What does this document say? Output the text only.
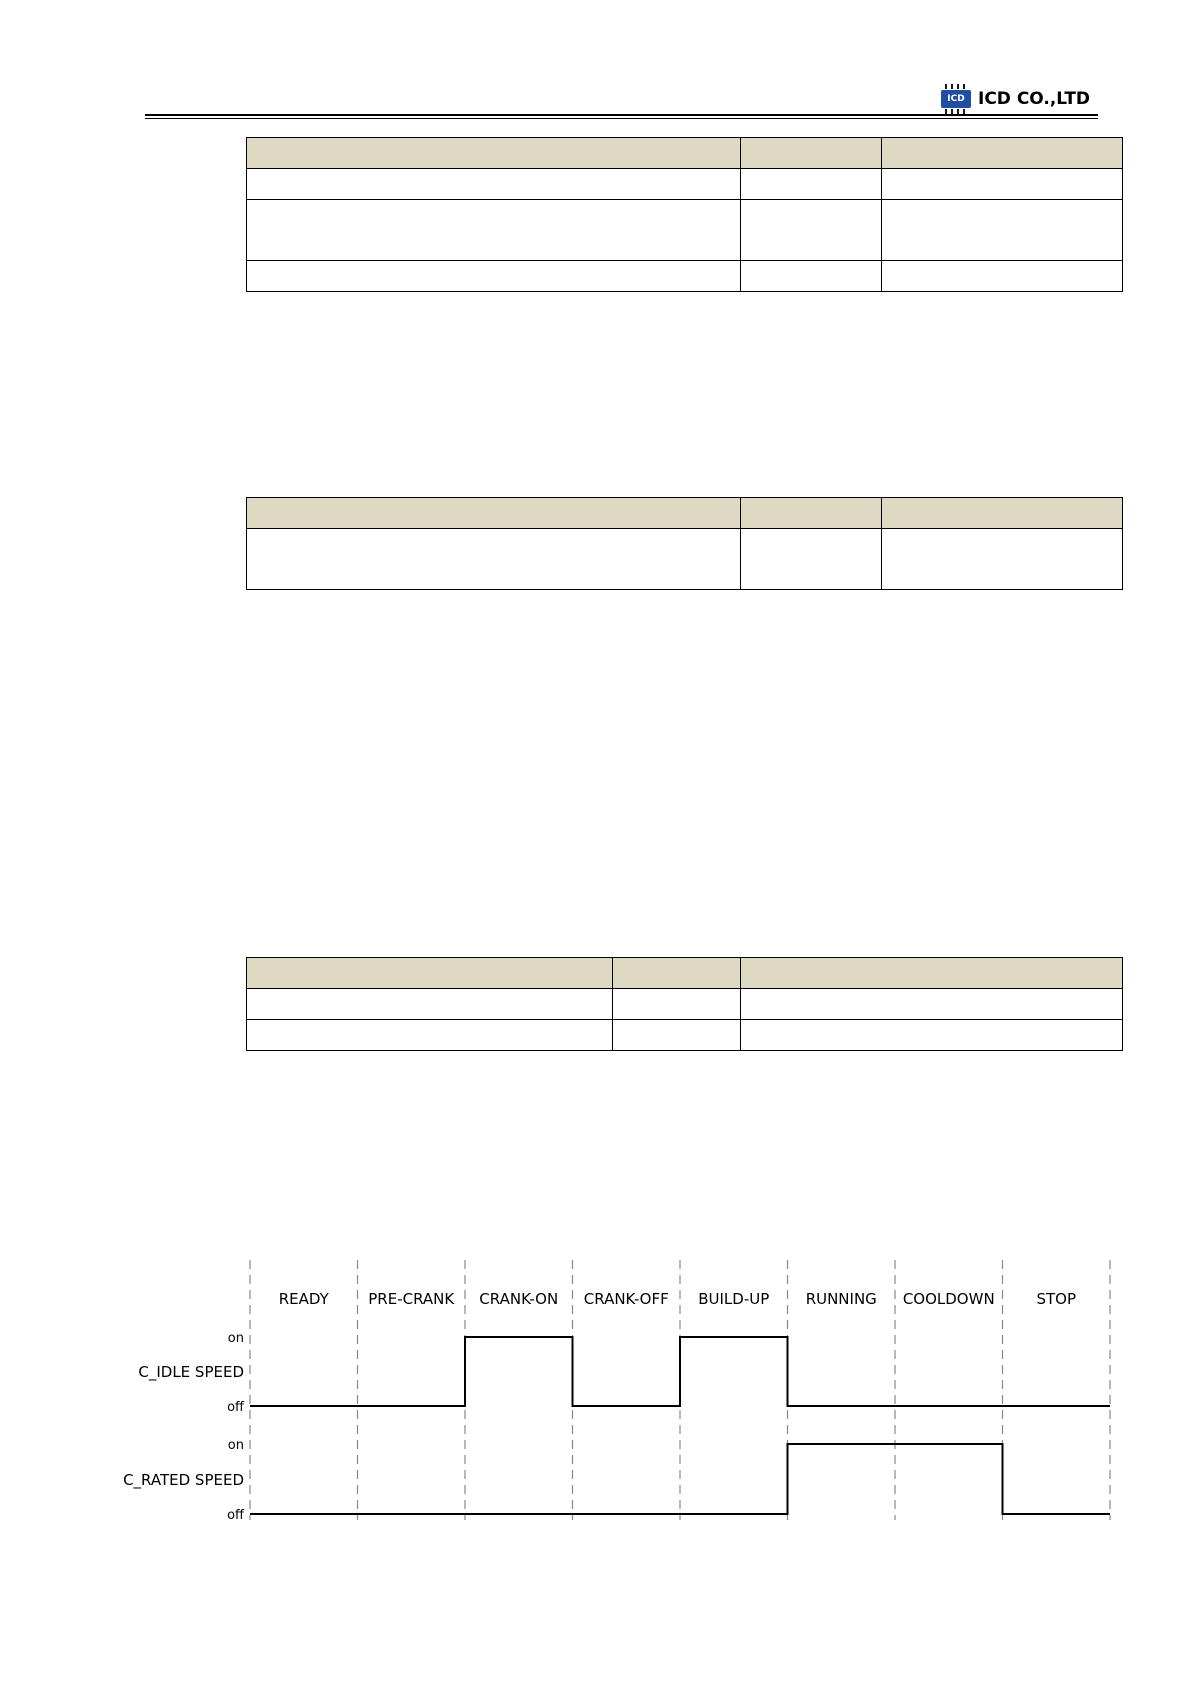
ICD ICD CO.,LTD

READY	PRE-CRANK CRANK-ON CRANK-OFF BUILD-UP RUNNING COOLDOWN	STOP
on
C_IDLE SPEED
off
on
C_RATED SPEED
off
